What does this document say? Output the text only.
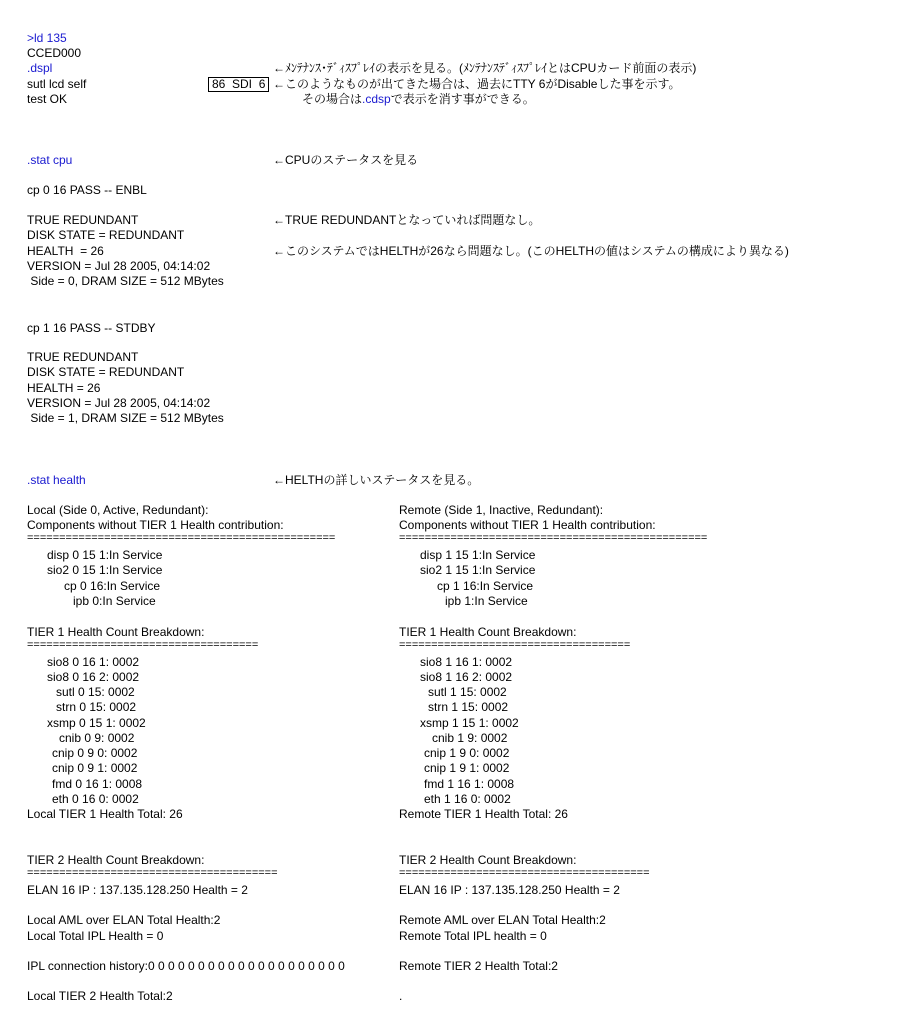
>ld 135
CCED000
.dspl
sutl lcd self
test OK
86  SDI  6
←ﾒﾝﾃﾅﾝｽ･ﾃﾞｨｽﾌﾟﾚｲの表示を見る。(ﾒﾝﾃﾅﾝｽﾃﾞｨｽﾌﾟﾚｲとはCPUカード前面の表示)
←このようなものが出てきた場合は、過去にTTY 6がDisableした事を示す。
その場合は.cdspで表示を消す事ができる。
.stat cpu	←CPUのステータスを見る
cp 0 16 PASS -- ENBL
TRUE REDUNDANT
DISK STATE = REDUNDANT
HEALTH  = 26
VERSION = Jul 28 2005, 04:14:02
Side = 0, DRAM SIZE = 512 MBytes
←TRUE REDUNDANTとなっていれば問題なし。
←このシステムではHELTHが26なら問題なし。(このHELTHの値はシステムの構成により異なる)
cp 1 16 PASS -- STDBY
TRUE REDUNDANT
DISK STATE = REDUNDANT
HEALTH = 26
VERSION = Jul 28 2005, 04:14:02
Side = 1, DRAM SIZE = 512 MBytes
.stat health	←HELTHの詳しいステータスを見る。
Local (Side 0, Active, Redundant):
Components without TIER 1 Health contribution:
================================================
disp 0 15 1:In Service
sio2 0 15 1:In Service
cp 0 16:In Service
ipb 0:In Service
TIER 1 Health Count Breakdown:
====================================
sio8 0 16 1: 0002
sio8 0 16 2: 0002
sutl 0 15: 0002
strn 0 15: 0002
xsmp 0 15 1: 0002
cnib 0 9: 0002
cnip 0 9 0: 0002
cnip 0 9 1: 0002
fmd 0 16 1: 0008
eth 0 16 0: 0002
Local TIER 1 Health Total: 26
TIER 2 Health Count Breakdown:
=======================================
ELAN 16 IP : 137.135.128.250 Health = 2
Local AML over ELAN Total Health:2
Local Total IPL Health = 0
IPL connection history:0 0 0 0 0 0 0 0 0 0 0 0 0 0 0 0 0 0 0 0
Local TIER 2 Health Total:2
Remote (Side 1, Inactive, Redundant):
Components without TIER 1 Health contribution:
================================================
disp 1 15 1:In Service
sio2 1 15 1:In Service
cp 1 16:In Service
ipb 1:In Service
TIER 1 Health Count Breakdown:
====================================
sio8 1 16 1: 0002
sio8 1 16 2: 0002
sutl 1 15: 0002
strn 1 15: 0002
xsmp 1 15 1: 0002
cnib 1 9: 0002
cnip 1 9 0: 0002
cnip 1 9 1: 0002
fmd 1 16 1: 0008
eth 1 16 0: 0002
Remote TIER 1 Health Total: 26
TIER 2 Health Count Breakdown:
=======================================
ELAN 16 IP : 137.135.128.250 Health = 2
Remote AML over ELAN Total Health:2
Remote Total IPL health = 0
Remote TIER 2 Health Total:2
.
